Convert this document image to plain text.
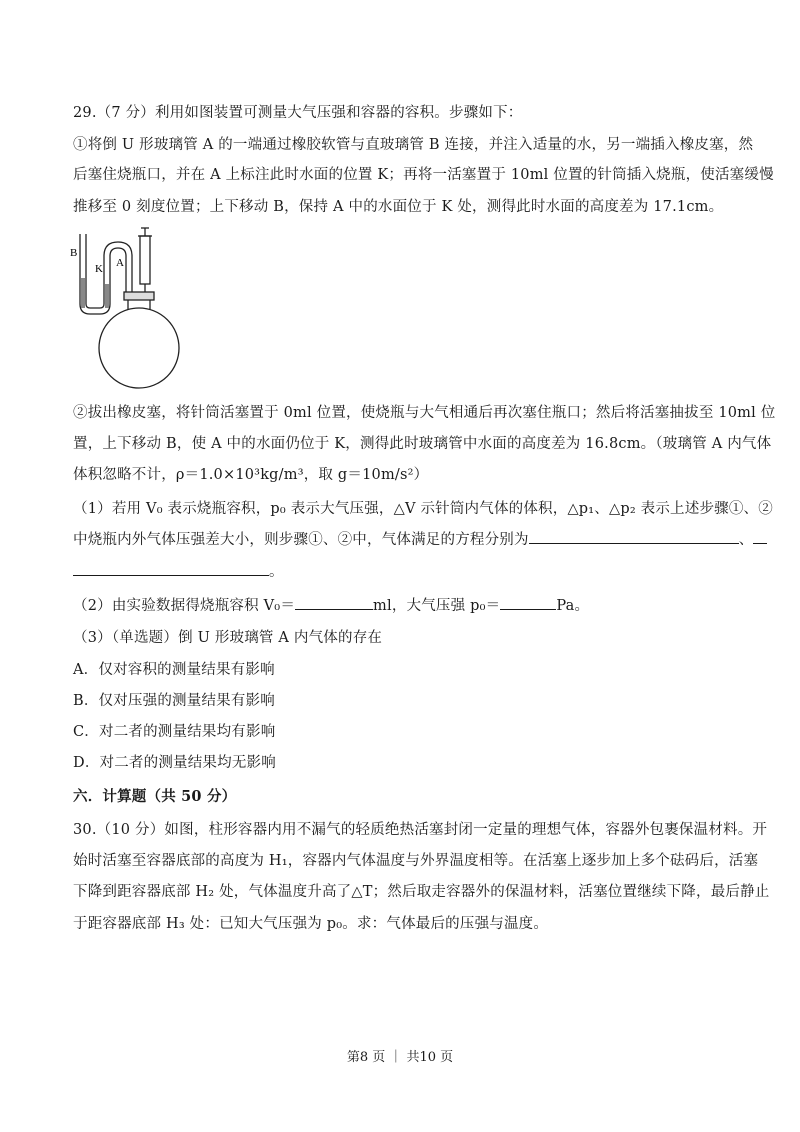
29.（7 分）利用如图装置可测量大气压强和容器的容积。步骤如下：
①将倒 U 形玻璃管 A 的一端通过橡胶软管与直玻璃管 B 连接，并注入适量的水，另一端插入橡皮塞，然
后塞住烧瓶口，并在 A 上标注此时水面的位置 K；再将一活塞置于 10ml 位置的针筒插入烧瓶，使活塞缓慢
推移至 0 刻度位置；上下移动 B，保持 A 中的水面位于 K 处，测得此时水面的高度差为 17.1cm。
B
K A
②拔出橡皮塞，将针筒活塞置于 0ml 位置，使烧瓶与大气相通后再次塞住瓶口；然后将活塞抽拔至 10ml 位
置，上下移动 B，使 A 中的水面仍位于 K，测得此时玻璃管中水面的高度差为 16.8cm。（玻璃管 A 内气体
体积忽略不计，ρ＝1.0×10³kg/m³，取 g＝10m/s²）
（1）若用 V₀ 表示烧瓶容积，p₀ 表示大气压强，△V 示针筒内气体的体积，△p₁、△p₂ 表示上述步骤①、②
中烧瓶内外气体压强差大小，则步骤①、②中，气体满足的方程分别为	、
。
（2）由实验数据得烧瓶容积 V₀＝	ml，大气压强 p₀＝	Pa。
（3）（单选题）倒 U 形玻璃管 A 内气体的存在
A．仅对容积的测量结果有影响
B．仅对压强的测量结果有影响
C．对二者的测量结果均有影响
D．对二者的测量结果均无影响
六．计算题（共 50 分）
30.（10 分）如图，柱形容器内用不漏气的轻质绝热活塞封闭一定量的理想气体，容器外包裹保温材料。开
始时活塞至容器底部的高度为 H₁，容器内气体温度与外界温度相等。在活塞上逐步加上多个砝码后，活塞
下降到距容器底部 H₂ 处，气体温度升高了△T；然后取走容器外的保温材料，活塞位置继续下降，最后静止
于距容器底部 H₃ 处：已知大气压强为 p₀。求：气体最后的压强与温度。
第8 页 ｜ 共10 页
